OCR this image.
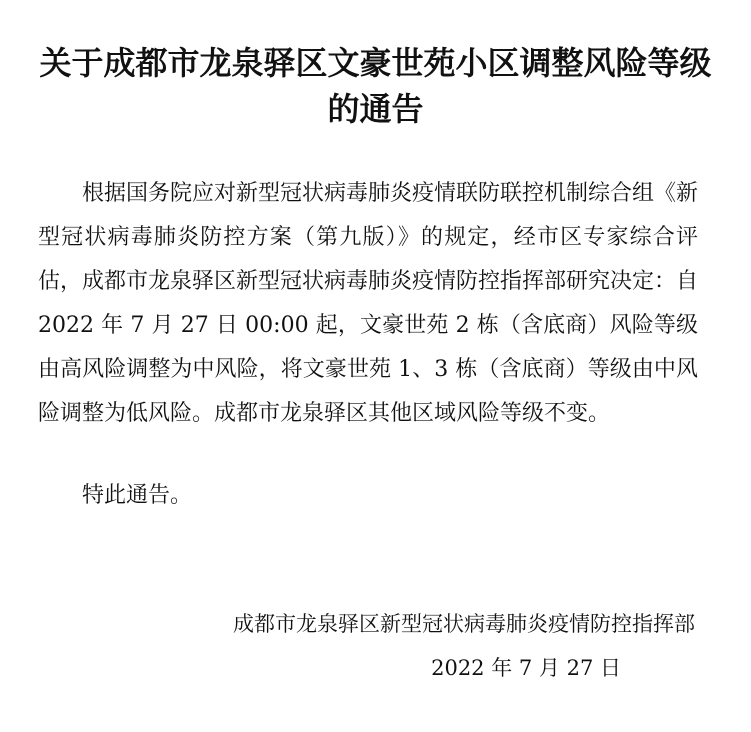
关于成都市龙泉驿区文豪世苑小区调整风险等级的通告

根据国务院应对新型冠状病毒肺炎疫情联防联控机制综合组《新型冠状病毒肺炎防控方案（第九版）》的规定，经市区专家综合评估，成都市龙泉驿区新型冠状病毒肺炎疫情防控指挥部研究决定：自 2022 年 7 月 27 日 00:00 起，文豪世苑 2 栋（含底商）风险等级由高风险调整为中风险，将文豪世苑 1、3 栋（含底商）等级由中风险调整为低风险。成都市龙泉驿区其他区域风险等级不变。

特此通告。

成都市龙泉驿区新型冠状病毒肺炎疫情防控指挥部

2022 年 7 月 27 日
